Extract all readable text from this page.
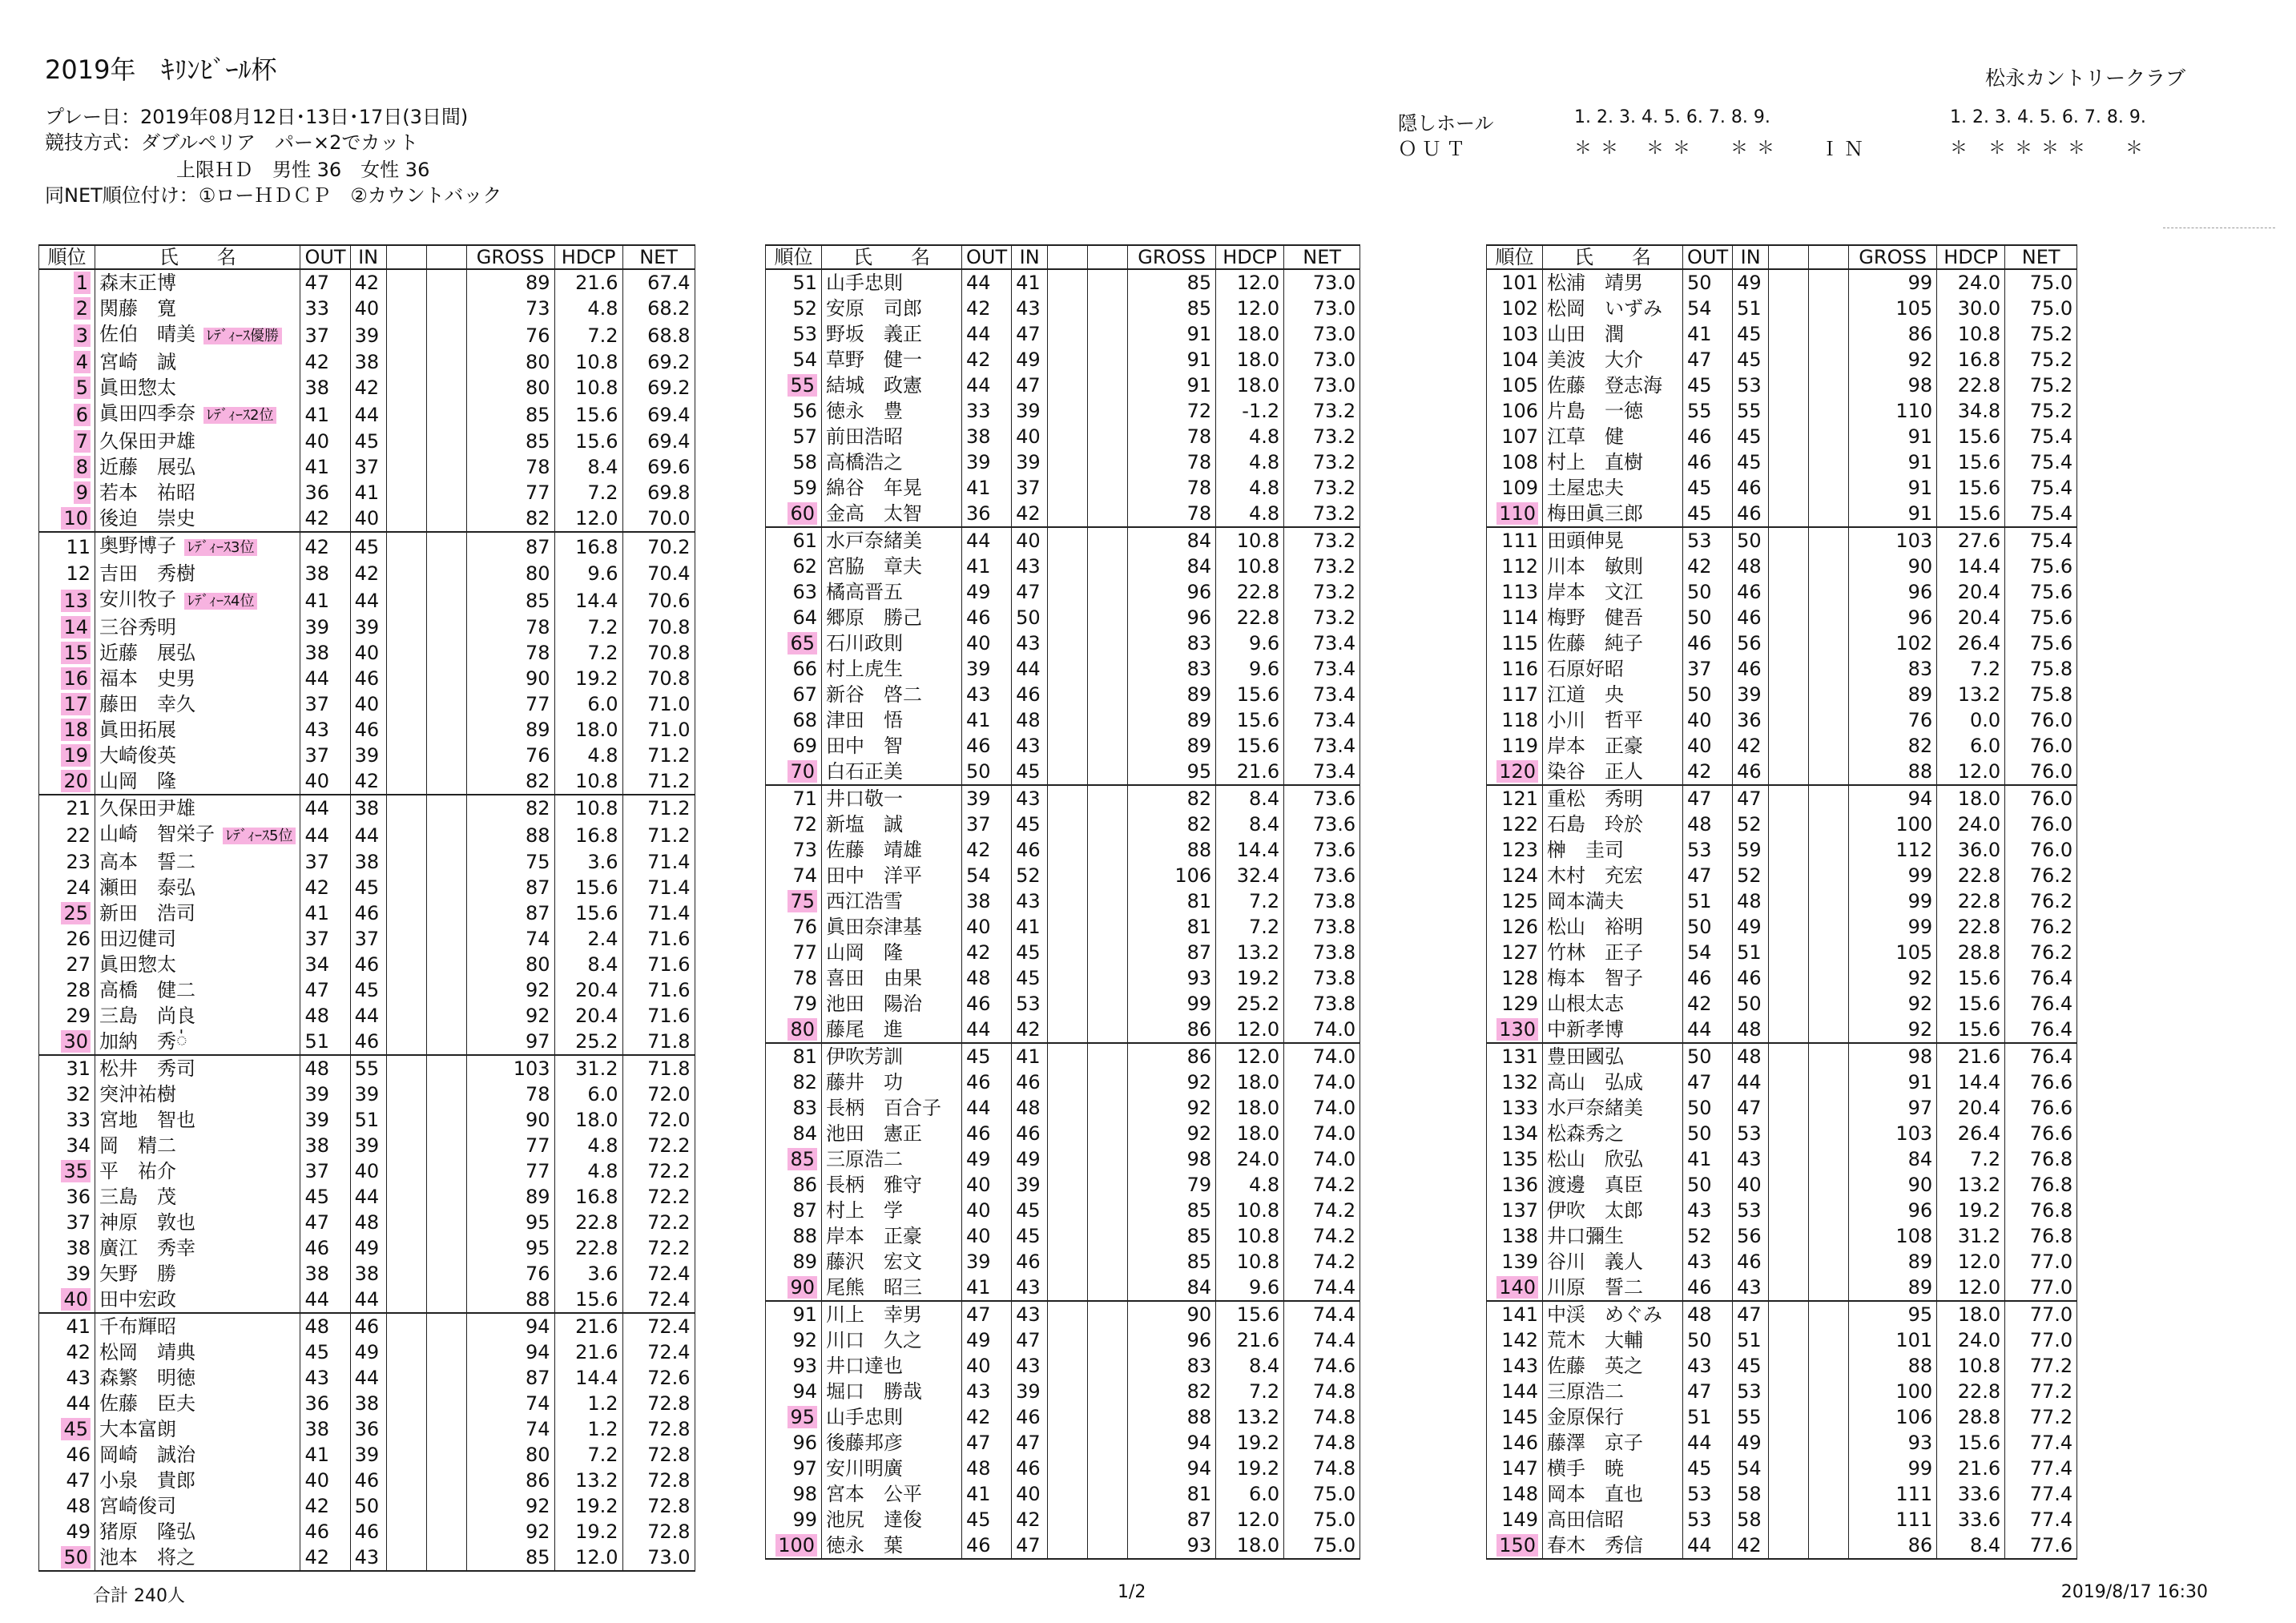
2019年　ｷﾘﾝﾋﾞｰﾙ杯	松永カントリークラブ
プレー日：2019年08月12日･13日･17日(3日間)
競技方式：ダブルペリア　パー×2でカット
上限ＨＤ　男性 36　女性 36
同NET順位付け：①ローＨＤＣＰ　②カウントバック
隠しホール
ＯＵＴ
1. 2. 3. 4. 5. 6. 7. 8. 9.
＊ ＊　 ＊ ＊　　＊ ＊ ＩＮ
1. 2. 3. 4. 5. 6. 7. 8. 9.
＊　＊ ＊ ＊ ＊　　＊
順位	氏　　名	OUT	IN			GROSS	HDCP	NET
1	森末正博	47	42			89	21.6	67.4
2	関藤　寛	33	40			73	4.8	68.2
3	佐伯　晴美 ﾚﾃﾞｨｰｽ優勝	37	39			76	7.2	68.8
4	宮崎　誠	42	38			80	10.8	69.2
5	眞田惣太	38	42			80	10.8	69.2
6	眞田四季奈 ﾚﾃﾞｨｰｽ2位	41	44			85	15.6	69.4
7	久保田尹雄	40	45			85	15.6	69.4
8	近藤　展弘	41	37			78	8.4	69.6
9	若本　祐昭	36	41			77	7.2	69.8
10	後迫　崇史	42	40			82	12.0	70.0
11	奥野博子 ﾚﾃﾞｨｰｽ3位	42	45			87	16.8	70.2
12	吉田　秀樹	38	42			80	9.6	70.4
13	安川牧子 ﾚﾃﾞｨｰｽ4位	41	44			85	14.4	70.6
14	三谷秀明	39	39			78	7.2	70.8
15	近藤　展弘	38	40			78	7.2	70.8
16	福本　史男	44	46			90	19.2	70.8
17	藤田　幸久	37	40			77	6.0	71.0
18	眞田拓展	43	46			89	18.0	71.0
19	大崎俊英	37	39			76	4.8	71.2
20	山岡　隆	40	42			82	10.8	71.2
21	久保田尹雄	44	38			82	10.8	71.2
22	山崎　智栄子 ﾚﾃﾞｨｰｽ5位	44	44			88	16.8	71.2
23	高本　誓二	37	38			75	3.6	71.4
24	瀬田　泰弘	42	45			87	15.6	71.4
25	新田　浩司	41	46			87	15.6	71.4
26	田辺健司	37	37			74	2.4	71.6
27	眞田惣太	34	46			80	8.4	71.6
28	高橋　健二	47	45			92	20.4	71.6
29	三島　尚良	48	44			92	20.4	71.6
30	加納　秀់	51	46			97	25.2	71.8
31	松井　秀司	48	55			103	31.2	71.8
32	突沖祐樹	39	39			78	6.0	72.0
33	宮地　智也	39	51			90	18.0	72.0
34	岡　精二	38	39			77	4.8	72.2
35	平　祐介	37	40			77	4.8	72.2
36	三島　茂	45	44			89	16.8	72.2
37	神原　敦也	47	48			95	22.8	72.2
38	廣江　秀幸	46	49			95	22.8	72.2
39	矢野　勝	38	38			76	3.6	72.4
40	田中宏政	44	44			88	15.6	72.4
41	千布輝昭	48	46			94	21.6	72.4
42	松岡　靖典	45	49			94	21.6	72.4
43	森繁　明徳	43	44			87	14.4	72.6
44	佐藤　臣夫	36	38			74	1.2	72.8
45	大本富朗	38	36			74	1.2	72.8
46	岡崎　誠治	41	39			80	7.2	72.8
47	小泉　貴郎	40	46			86	13.2	72.8
48	宮崎俊司	42	50			92	19.2	72.8
49	猪原　隆弘	46	46			92	19.2	72.8
50	池本　将之	42	43			85	12.0	73.0
順位	氏　　名	OUT	IN			GROSS	HDCP	NET
51	山手忠則	44	41			85	12.0	73.0
52	安原　司郎	42	43			85	12.0	73.0
53	野坂　義正	44	47			91	18.0	73.0
54	草野　健一	42	49			91	18.0	73.0
55	結城　政憲	44	47			91	18.0	73.0
56	徳永　豊	33	39			72	-1.2	73.2
57	前田浩昭	38	40			78	4.8	73.2
58	高橋浩之	39	39			78	4.8	73.2
59	綿谷　年晃	41	37			78	4.8	73.2
60	金高　太智	36	42			78	4.8	73.2
61	水戸奈緒美	44	40			84	10.8	73.2
62	宮脇　章夫	41	43			84	10.8	73.2
63	橘高晋五	49	47			96	22.8	73.2
64	郷原　勝己	46	50			96	22.8	73.2
65	石川政則	40	43			83	9.6	73.4
66	村上虎生	39	44			83	9.6	73.4
67	新谷　啓二	43	46			89	15.6	73.4
68	津田　悟	41	48			89	15.6	73.4
69	田中　智	46	43			89	15.6	73.4
70	白石正美	50	45			95	21.6	73.4
71	井口敬一	39	43			82	8.4	73.6
72	新塩　誠	37	45			82	8.4	73.6
73	佐藤　靖雄	42	46			88	14.4	73.6
74	田中　洋平	54	52			106	32.4	73.6
75	西江浩雪	38	43			81	7.2	73.8
76	眞田奈津基	40	41			81	7.2	73.8
77	山岡　隆	42	45			87	13.2	73.8
78	喜田　由果	48	45			93	19.2	73.8
79	池田　陽治	46	53			99	25.2	73.8
80	藤尾　進	44	42			86	12.0	74.0
81	伊吹芳訓	45	41			86	12.0	74.0
82	藤井　功	46	46			92	18.0	74.0
83	長柄　百合子	44	48			92	18.0	74.0
84	池田　憲正	46	46			92	18.0	74.0
85	三原浩二	49	49			98	24.0	74.0
86	長柄　雅守	40	39			79	4.8	74.2
87	村上　学	40	45			85	10.8	74.2
88	岸本　正豪	40	45			85	10.8	74.2
89	藤沢　宏文	39	46			85	10.8	74.2
90	尾熊　昭三	41	43			84	9.6	74.4
91	川上　幸男	47	43			90	15.6	74.4
92	川口　久之	49	47			96	21.6	74.4
93	井口達也	40	43			83	8.4	74.6
94	堀口　勝哉	43	39			82	7.2	74.8
95	山手忠則	42	46			88	13.2	74.8
96	後藤邦彦	47	47			94	19.2	74.8
97	安川明廣	48	46			94	19.2	74.8
98	宮本　公平	41	40			81	6.0	75.0
99	池尻　達俊	45	42			87	12.0	75.0
100	徳永　葉	46	47			93	18.0	75.0
順位	氏　　名	OUT	IN			GROSS	HDCP	NET
101	松浦　靖男	50	49			99	24.0	75.0
102	松岡　いずみ	54	51			105	30.0	75.0
103	山田　潤	41	45			86	10.8	75.2
104	美波　大介	47	45			92	16.8	75.2
105	佐藤　登志海	45	53			98	22.8	75.2
106	片島　一徳	55	55			110	34.8	75.2
107	江草　健	46	45			91	15.6	75.4
108	村上　直樹	46	45			91	15.6	75.4
109	土屋忠夫	45	46			91	15.6	75.4
110	梅田眞三郎	45	46			91	15.6	75.4
111	田頭伸晃	53	50			103	27.6	75.4
112	川本　敏則	42	48			90	14.4	75.6
113	岸本　文江	50	46			96	20.4	75.6
114	梅野　健吾	50	46			96	20.4	75.6
115	佐藤　純子	46	56			102	26.4	75.6
116	石原好昭	37	46			83	7.2	75.8
117	江道　央	50	39			89	13.2	75.8
118	小川　哲平	40	36			76	0.0	76.0
119	岸本　正豪	40	42			82	6.0	76.0
120	染谷　正人	42	46			88	12.0	76.0
121	重松　秀明	47	47			94	18.0	76.0
122	石島　玲於	48	52			100	24.0	76.0
123	榊　圭司	53	59			112	36.0	76.0
124	木村　充宏	47	52			99	22.8	76.2
125	岡本満夫	51	48			99	22.8	76.2
126	松山　裕明	50	49			99	22.8	76.2
127	竹林　正子	54	51			105	28.8	76.2
128	梅本　智子	46	46			92	15.6	76.4
129	山根太志	42	50			92	15.6	76.4
130	中新孝博	44	48			92	15.6	76.4
131	豊田國弘	50	48			98	21.6	76.4
132	高山　弘成	47	44			91	14.4	76.6
133	水戸奈緒美	50	47			97	20.4	76.6
134	松森秀之	50	53			103	26.4	76.6
135	松山　欣弘	41	43			84	7.2	76.8
136	渡邊　真臣	50	40			90	13.2	76.8
137	伊吹　太郎	43	53			96	19.2	76.8
138	井口彌生	52	56			108	31.2	76.8
139	谷川　義人	43	46			89	12.0	77.0
140	川原　誓二	46	43			89	12.0	77.0
141	中渓　めぐみ	48	47			95	18.0	77.0
142	荒木　大輔	50	51			101	24.0	77.0
143	佐藤　英之	43	45			88	10.8	77.2
144	三原浩二	47	53			100	22.8	77.2
145	金原保行	51	55			106	28.8	77.2
146	藤澤　京子	44	49			93	15.6	77.4
147	横手　暁	45	54			99	21.6	77.4
148	岡本　直也	53	58			111	33.6	77.4
149	高田信昭	53	58			111	33.6	77.4
150	春木　秀信	44	42			86	8.4	77.6
合計 240人	1/2	2019/8/17 16:30
